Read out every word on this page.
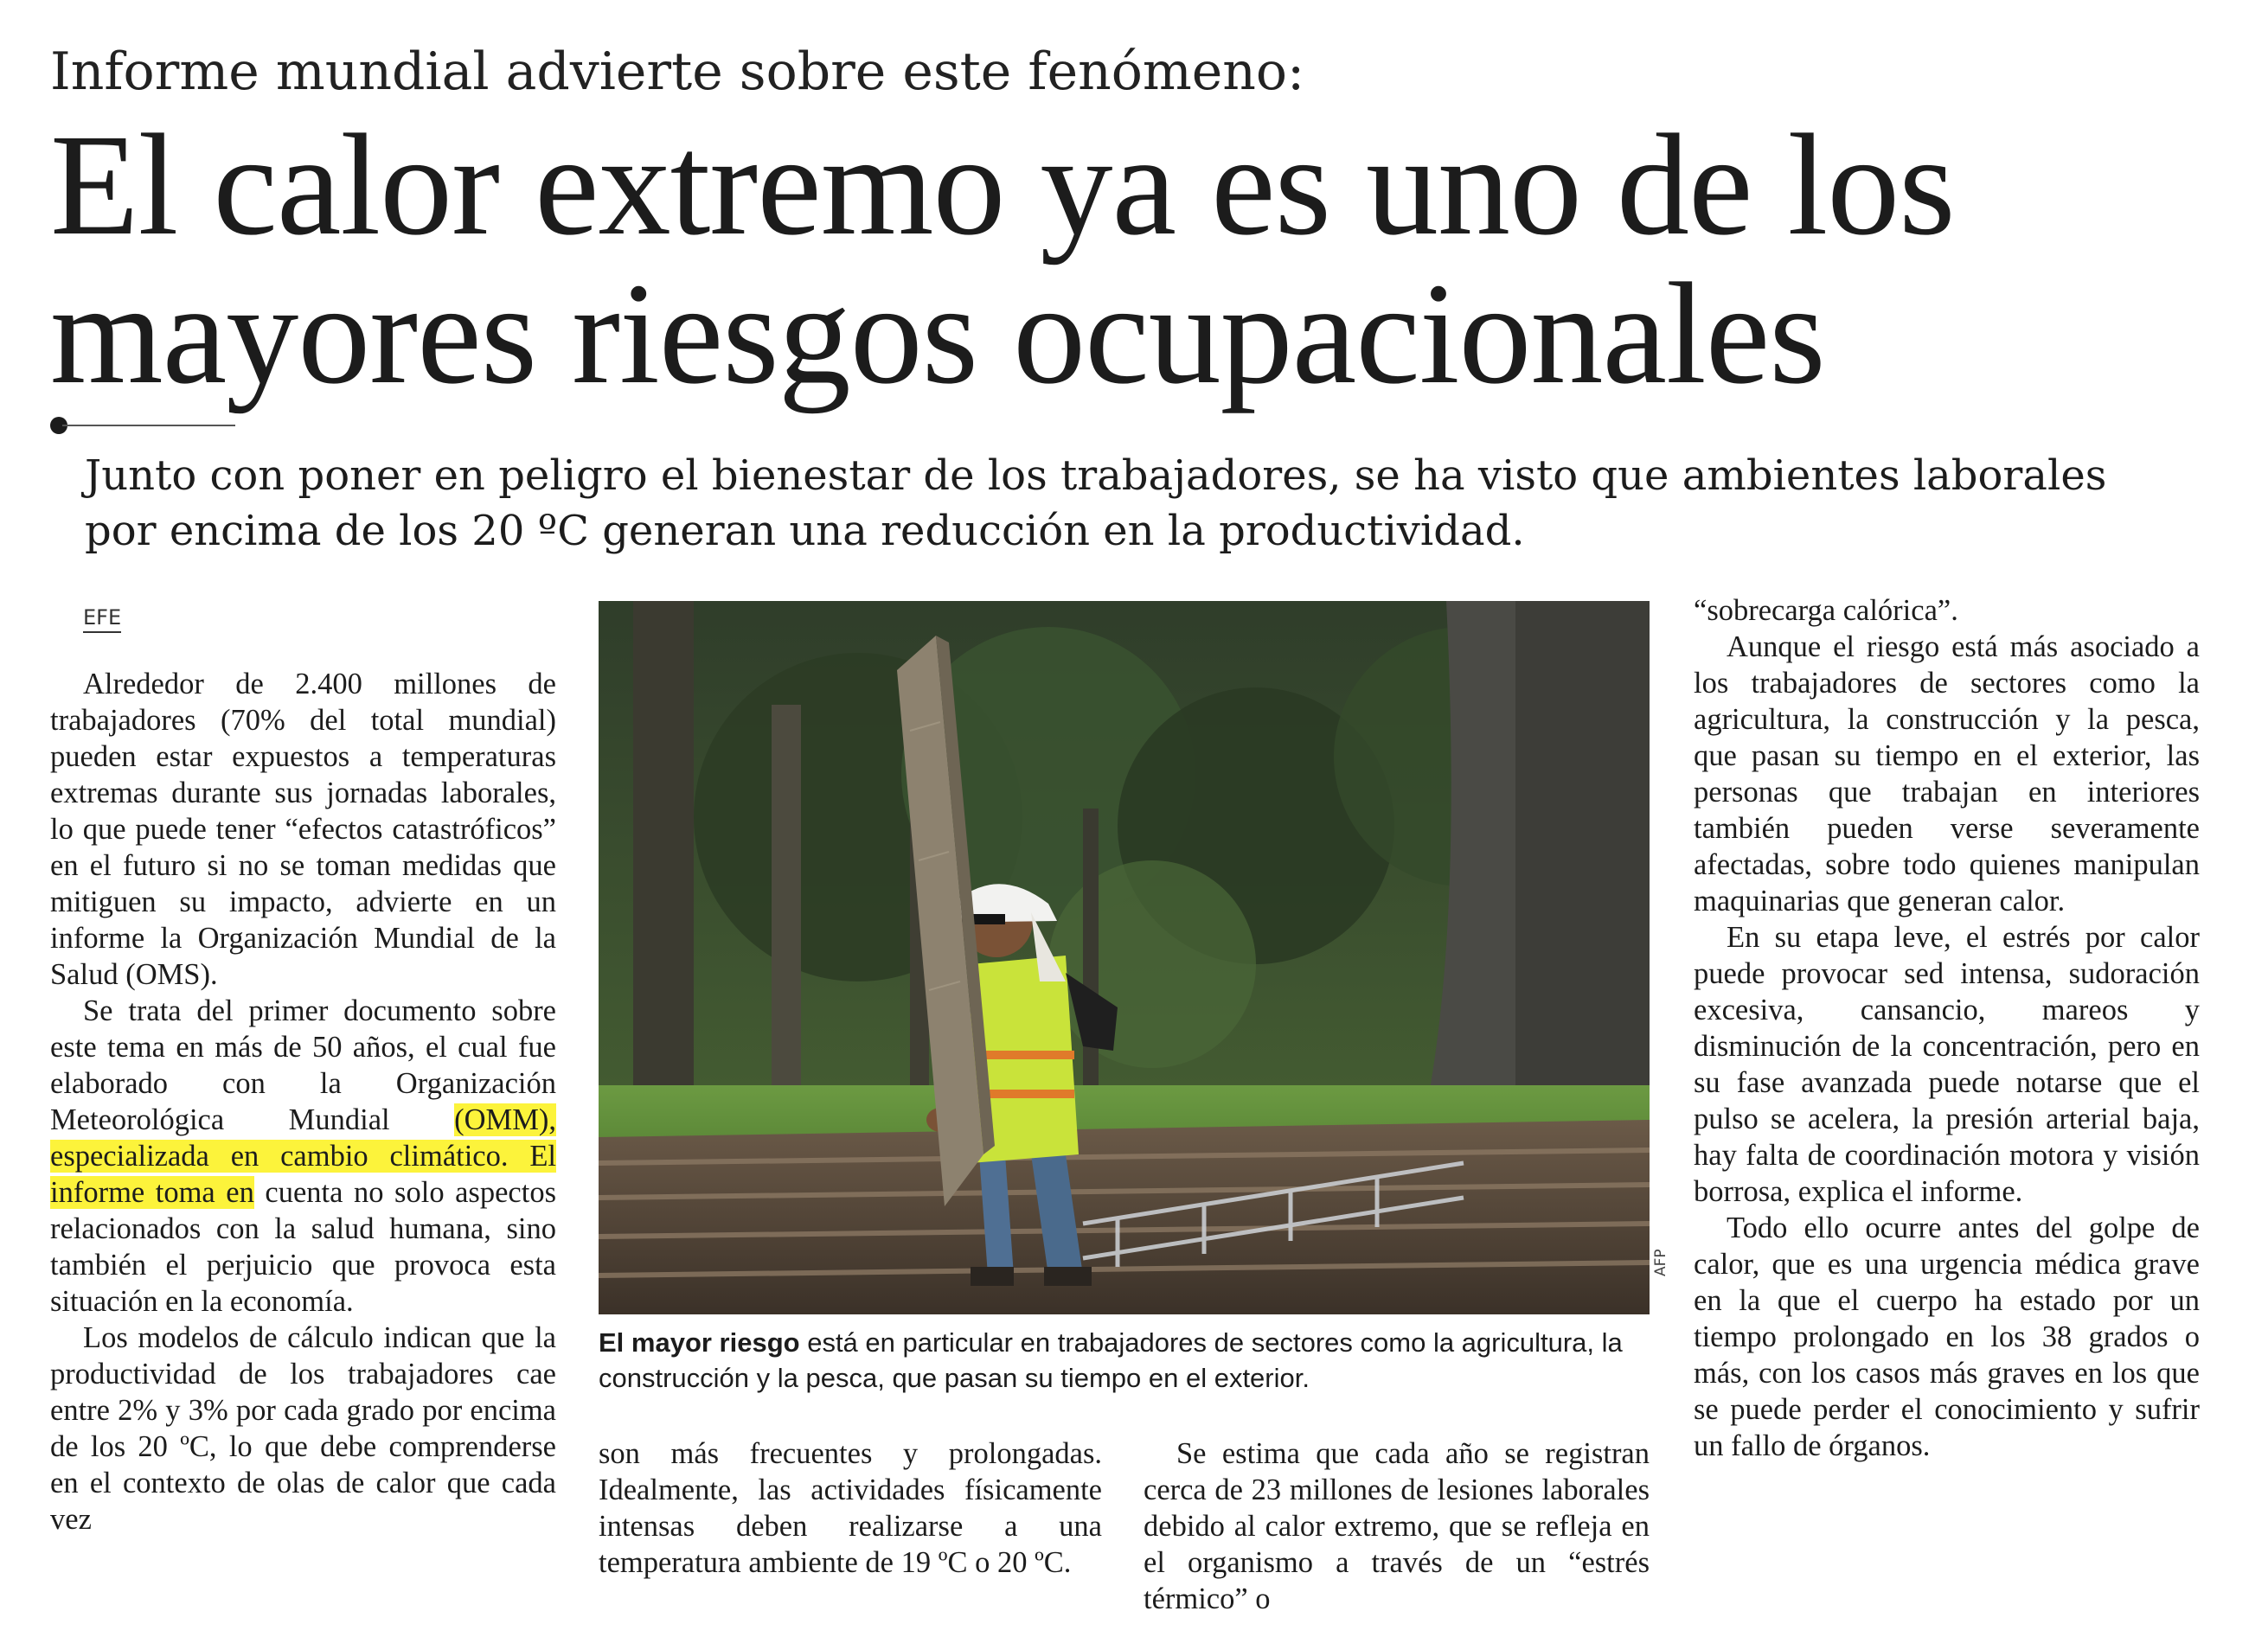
Informe mundial advierte sobre este fenómeno:
El calor extremo ya es uno de los mayores riesgos ocupacionales
Junto con poner en peligro el bienestar de los trabajadores, se ha visto que ambientes laborales por encima de los 20 ºC generan una reducción en la productividad.
EFE

Alrededor de 2.400 millones de trabajadores (70% del total mundial) pueden estar expuestos a temperaturas extremas durante sus jornadas laborales, lo que puede tener “efectos catastróficos” en el futuro si no se toman medidas que mitiguen su impacto, advierte en un informe la Organización Mundial de la Salud (OMS).

Se trata del primer documento sobre este tema en más de 50 años, el cual fue elaborado con la Organización Meteorológica Mundial (OMM), especializada en cambio climático. El informe toma en cuenta no solo aspectos relacionados con la salud humana, sino también el perjuicio que provoca esta situación en la economía.

Los modelos de cálculo indican que la productividad de los trabajadores cae entre 2% y 3% por cada grado por encima de los 20 ºC, lo que debe comprenderse en el contexto de olas de calor que cada vez

AFP
El mayor riesgo está en particular en trabajadores de sectores como la agricultura, la construcción y la pesca, que pasan su tiempo en el exterior.

son más frecuentes y prolongadas. Idealmente, las actividades físicamente intensas deben realizarse a una temperatura ambiente de 19 ºC o 20 ºC.

Se estima que cada año se registran cerca de 23 millones de lesiones laborales debido al calor extremo, que se refleja en el organismo a través de un “estrés térmico” o

“sobrecarga calórica”.

Aunque el riesgo está más asociado a los trabajadores de sectores como la agricultura, la construcción y la pesca, que pasan su tiempo en el exterior, las personas que trabajan en interiores también pueden verse severamente afectadas, sobre todo quienes manipulan maquinarias que generan calor.

En su etapa leve, el estrés por calor puede provocar sed intensa, sudoración excesiva, cansancio, mareos y disminución de la concentración, pero en su fase avanzada puede notarse que el pulso se acelera, la presión arterial baja, hay falta de coordinación motora y visión borrosa, explica el informe.

Todo ello ocurre antes del golpe de calor, que es una urgencia médica grave en la que el cuerpo ha estado por un tiempo prolongado en los 38 grados o más, con los casos más graves en los que se puede perder el conocimiento y sufrir un fallo de órganos.
